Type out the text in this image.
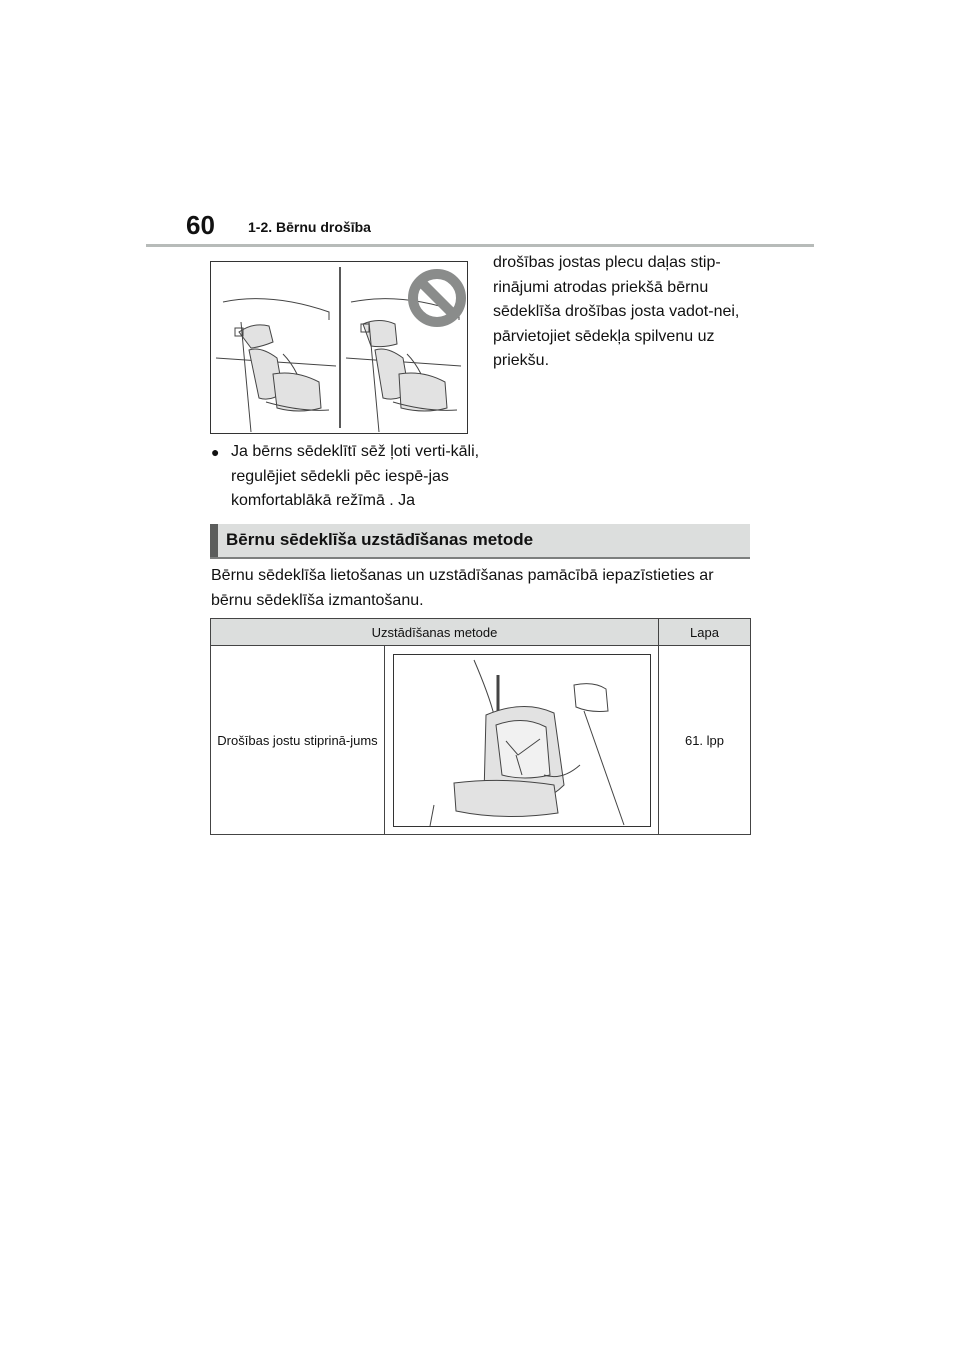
60 1-2. Bērnu drošība
drošības jostas plecu daļas stip-rinājumi atrodas priekšā bērnu sēdeklīša drošības josta vadot-nei, pārvietojiet sēdekļa spilvenu uz priekšu.
● Ja bērns sēdeklītī sēž ļoti verti-kāli, regulējiet sēdekli pēc iespē-jas komfortablākā režīmā . Ja
Bērnu sēdeklīša uzstādīšanas metode
Bērnu sēdeklīša lietošanas un uzstādīšanas pamācībā iepazīstieties ar bērnu sēdeklīša izmantošanu.
Uzstādīšanas metode		Lapa
Drošības jostu stiprinā-jums		61. lpp
